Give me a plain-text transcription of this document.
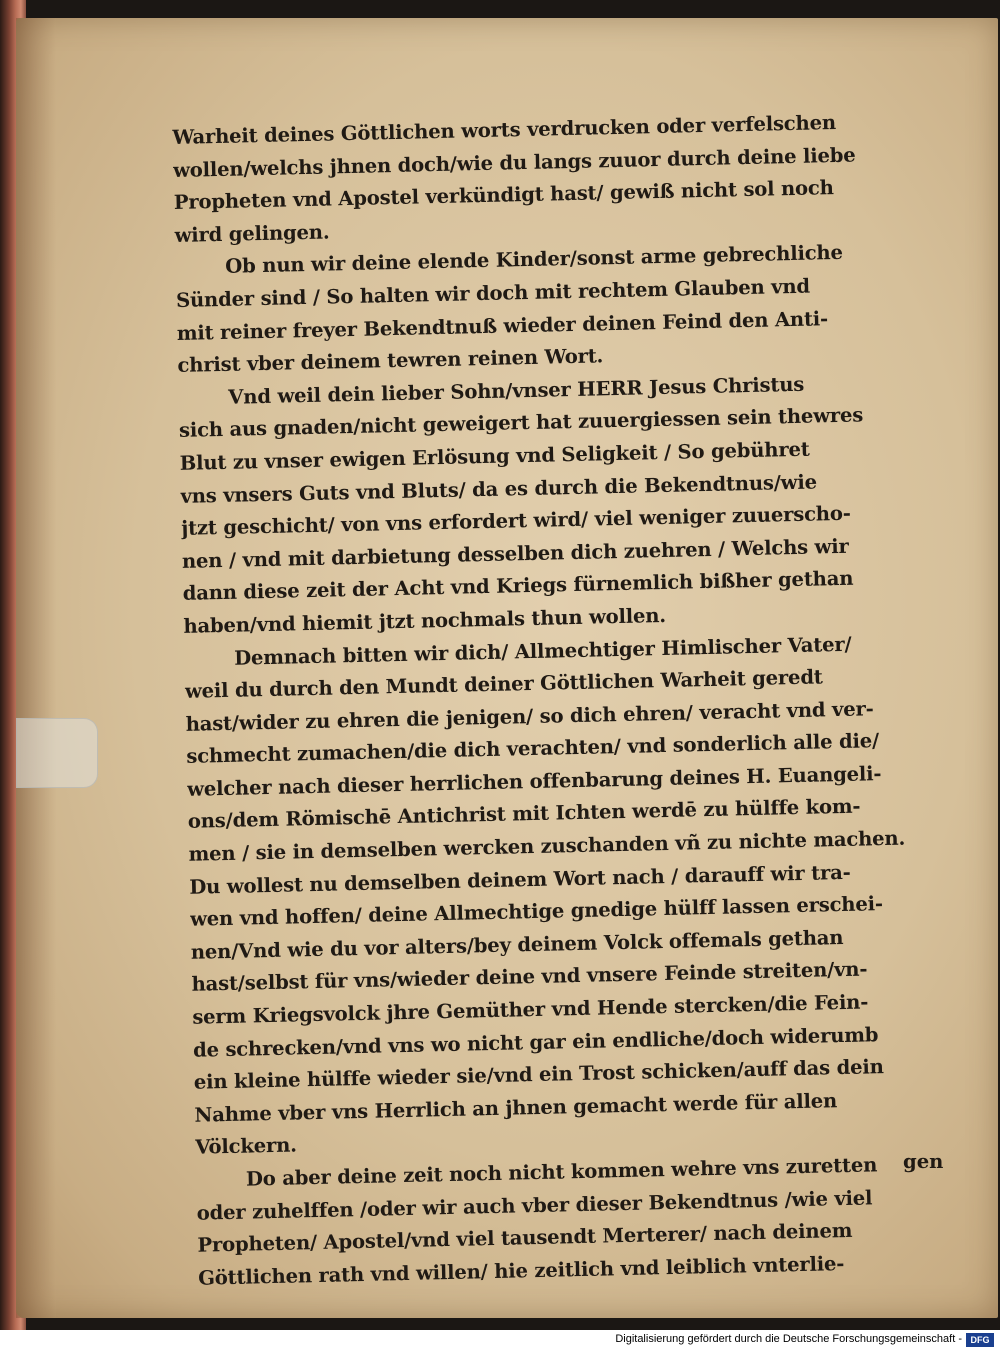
Warheit deines Göttlichen worts verdrucken oder verfelschen
wollen/welchs jhnen doch/wie du langs zuuor durch deine liebe
Propheten vnd Apostel verkündigt hast/ gewiß nicht sol noch
wird gelingen.
Ob nun wir deine elende Kinder/sonst arme gebrechliche
Sünder sind / So halten wir doch mit rechtem Glauben vnd
mit reiner freyer Bekendtnuß wieder deinen Feind den Anti-
christ vber deinem tewren reinen Wort.
Vnd weil dein lieber Sohn/vnser HERR Jesus Christus
sich aus gnaden/nicht geweigert hat zuuergiessen sein thewres
Blut zu vnser ewigen Erlösung vnd Seligkeit / So gebühret
vns vnsers Guts vnd Bluts/ da es durch die Bekendtnus/wie
jtzt geschicht/ von vns erfordert wird/ viel weniger zuuerscho-
nen / vnd mit darbietung desselben dich zuehren / Welchs wir
dann diese zeit der Acht vnd Kriegs fürnemlich bißher gethan
haben/vnd hiemit jtzt nochmals thun wollen.
Demnach bitten wir dich/ Allmechtiger Himlischer Vater/
weil du durch den Mundt deiner Göttlichen Warheit geredt
hast/wider zu ehren die jenigen/ so dich ehren/ veracht vnd ver-
schmecht zumachen/die dich verachten/ vnd sonderlich alle die/
welcher nach dieser herrlichen offenbarung deines H. Euangeli-
ons/dem Römischē Antichrist mit Ichten werdē zu hülffe kom-
men / sie in demselben wercken zuschanden vñ zu nichte machen.
Du wollest nu demselben deinem Wort nach / darauff wir tra-
wen vnd hoffen/ deine Allmechtige gnedige hülff lassen erschei-
nen/Vnd wie du vor alters/bey deinem Volck offemals gethan
hast/selbst für vns/wieder deine vnd vnsere Feinde streiten/vn-
serm Kriegsvolck jhre Gemüther vnd Hende stercken/die Fein-
de schrecken/vnd vns wo nicht gar ein endliche/doch widerumb
ein kleine hülffe wieder sie/vnd ein Trost schicken/auff das dein
Nahme vber vns Herrlich an jhnen gemacht werde für allen
Völckern.
Do aber deine zeit noch nicht kommen wehre vns zuretten
oder zuhelffen /oder wir auch vber dieser Bekendtnus /wie viel
Propheten/ Apostel/vnd viel tausendt Merterer/ nach deinem
Göttlichen rath vnd willen/ hie zeitlich vnd leiblich vnterlie-
gen
Digitalisierung gefördert durch die Deutsche Forschungsgemeinschaft - DFG
